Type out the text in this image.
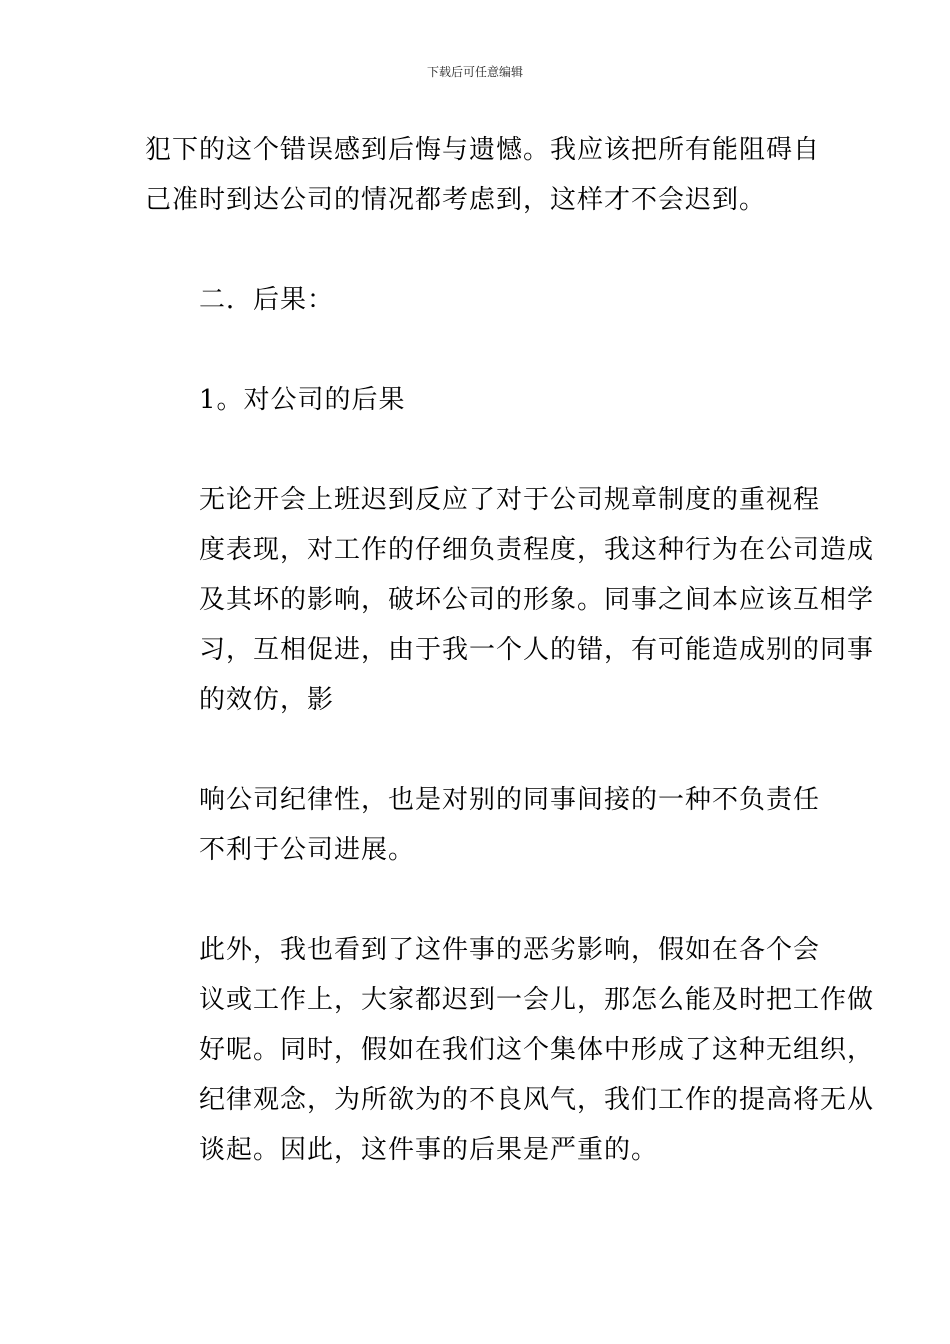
下载后可任意编辑
犯下的这个错误感到后悔与遗憾。我应该把所有能阻碍自
己准时到达公司的情况都考虑到，这样才不会迟到。
二．后果：
1。对公司的后果
无论开会上班迟到反应了对于公司规章制度的重视程
度表现，对工作的仔细负责程度，我这种行为在公司造成
及其坏的影响，破坏公司的形象。同事之间本应该互相学
习，互相促进，由于我一个人的错，有可能造成别的同事
的效仿，影
响公司纪律性，也是对别的同事间接的一种不负责任
不利于公司进展。
此外，我也看到了这件事的恶劣影响，假如在各个会
议或工作上，大家都迟到一会儿，那怎么能及时把工作做
好呢。同时，假如在我们这个集体中形成了这种无组织，
纪律观念，为所欲为的不良风气，我们工作的提高将无从
谈起。因此，这件事的后果是严重的。
